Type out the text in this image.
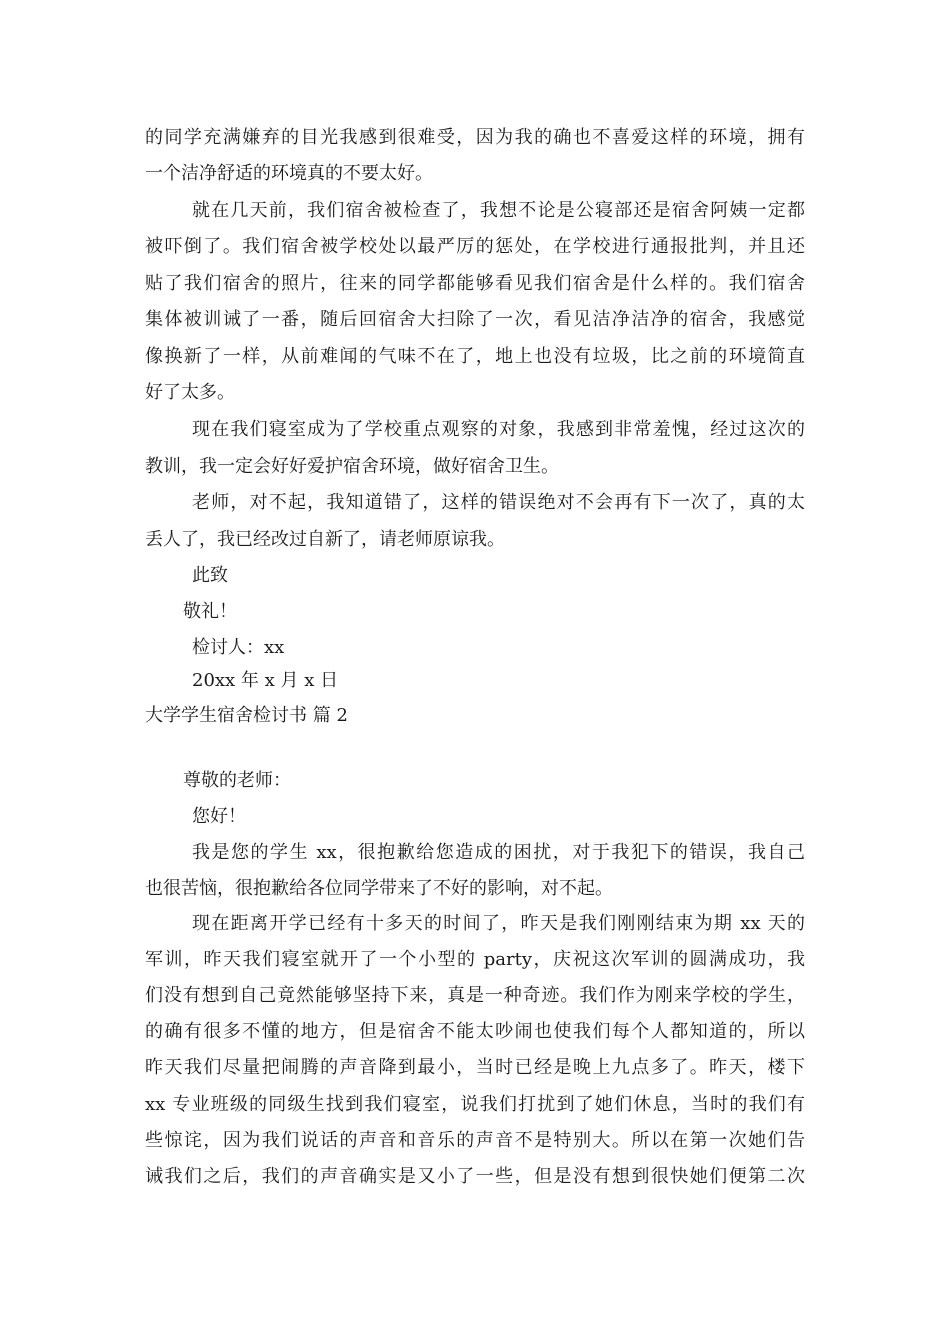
的同学充满嫌弃的目光我感到很难受，因为我的确也不喜爱这样的环境，拥有
一个洁净舒适的环境真的不要太好。
就在几天前，我们宿舍被检查了，我想不论是公寝部还是宿舍阿姨一定都
被吓倒了。我们宿舍被学校处以最严厉的惩处，在学校进行通报批判，并且还
贴了我们宿舍的照片，往来的同学都能够看见我们宿舍是什么样的。我们宿舍
集体被训诫了一番，随后回宿舍大扫除了一次，看见洁净洁净的宿舍，我感觉
像换新了一样，从前难闻的气味不在了，地上也没有垃圾，比之前的环境简直
好了太多。
现在我们寝室成为了学校重点观察的对象，我感到非常羞愧，经过这次的
教训，我一定会好好爱护宿舍环境，做好宿舍卫生。
老师，对不起，我知道错了，这样的错误绝对不会再有下一次了，真的太
丢人了，我已经改过自新了，请老师原谅我。
此致
敬礼！
检讨人：xx
20xx 年 x 月 x 日
大学学生宿舍检讨书 篇 2
尊敬的老师：
您好！
我是您的学生 xx，很抱歉给您造成的困扰，对于我犯下的错误，我自己
也很苦恼，很抱歉给各位同学带来了不好的影响，对不起。
现在距离开学已经有十多天的时间了，昨天是我们刚刚结束为期 xx 天的
军训，昨天我们寝室就开了一个小型的 party，庆祝这次军训的圆满成功，我
们没有想到自己竟然能够坚持下来，真是一种奇迹。我们作为刚来学校的学生，
的确有很多不懂的地方，但是宿舍不能太吵闹也使我们每个人都知道的，所以
昨天我们尽量把闹腾的声音降到最小，当时已经是晚上九点多了。昨天，楼下
xx 专业班级的同级生找到我们寝室，说我们打扰到了她们休息，当时的我们有
些惊诧，因为我们说话的声音和音乐的声音不是特别大。所以在第一次她们告
诫我们之后，我们的声音确实是又小了一些，但是没有想到很快她们便第二次
